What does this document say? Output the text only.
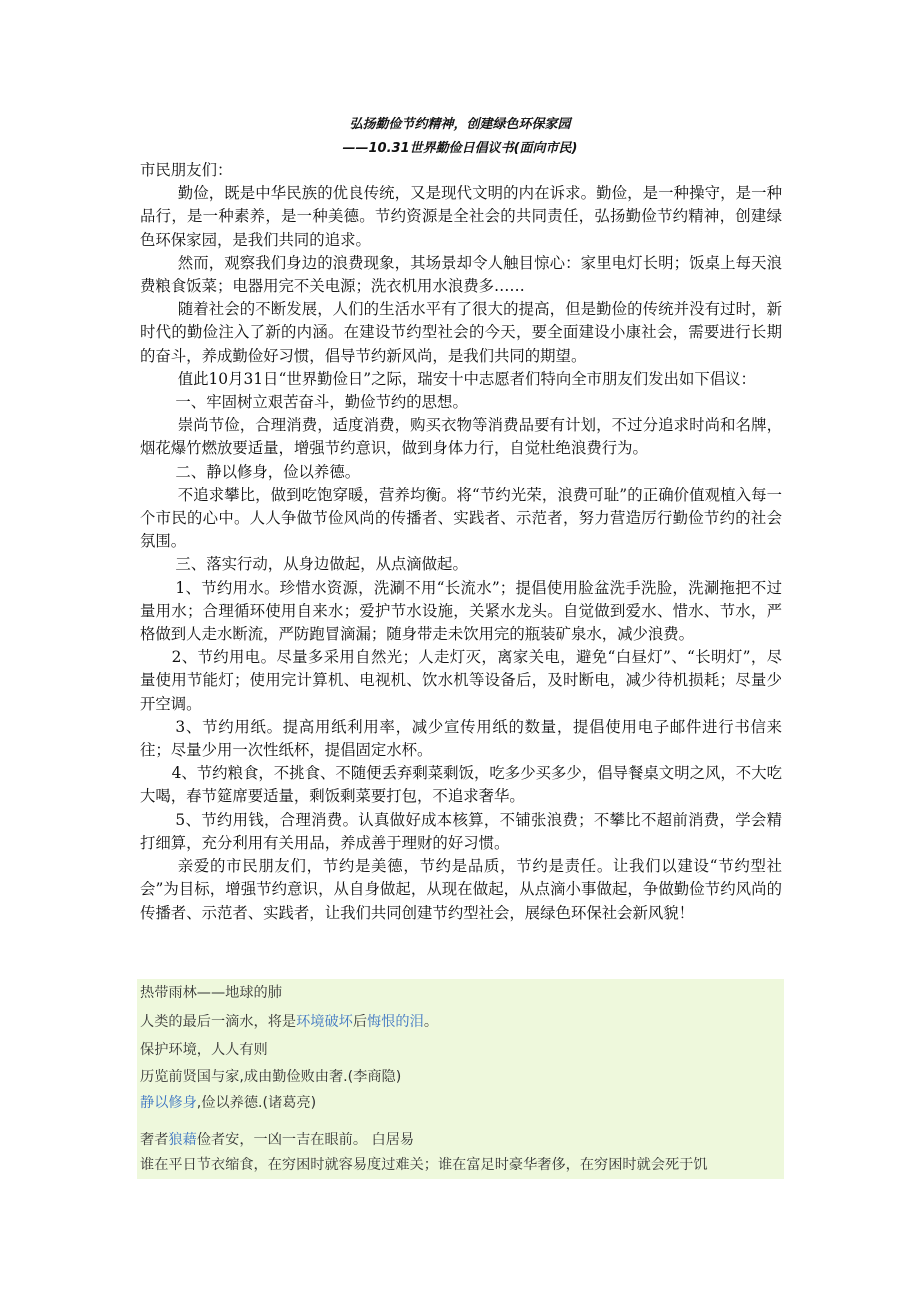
弘扬勤俭节约精神，创建绿色环保家园
——10.31世界勤俭日倡议书(面向市民)

市民朋友们：

勤俭，既是中华民族的优良传统，又是现代文明的内在诉求。勤俭，是一种操守，是一种品行，是一种素养，是一种美德。节约资源是全社会的共同责任，弘扬勤俭节约精神，创建绿色环保家园，是我们共同的追求。

然而，观察我们身边的浪费现象，其场景却令人触目惊心：家里电灯长明；饭桌上每天浪费粮食饭菜；电器用完不关电源；洗衣机用水浪费多……

随着社会的不断发展，人们的生活水平有了很大的提高，但是勤俭的传统并没有过时，新时代的勤俭注入了新的内涵。在建设节约型社会的今天，要全面建设小康社会，需要进行长期的奋斗，养成勤俭好习惯，倡导节约新风尚，是我们共同的期望。

值此10月31日“世界勤俭日”之际，瑞安十中志愿者们特向全市朋友们发出如下倡议：

一、牢固树立艰苦奋斗，勤俭节约的思想。

崇尚节俭，合理消费，适度消费，购买衣物等消费品要有计划，不过分追求时尚和名牌，烟花爆竹燃放要适量，增强节约意识，做到身体力行，自觉杜绝浪费行为。

二、静以修身，俭以养德。

不追求攀比，做到吃饱穿暖，营养均衡。将“节约光荣，浪费可耻”的正确价值观植入每一个市民的心中。人人争做节俭风尚的传播者、实践者、示范者，努力营造厉行勤俭节约的社会氛围。

三、落实行动，从身边做起，从点滴做起。

1、节约用水。珍惜水资源，洗涮不用“长流水”；提倡使用脸盆洗手洗脸，洗涮拖把不过量用水；合理循环使用自来水；爱护节水设施，关紧水龙头。自觉做到爱水、惜水、节水，严格做到人走水断流，严防跑冒滴漏；随身带走未饮用完的瓶装矿泉水，减少浪费。

2、节约用电。尽量多采用自然光；人走灯灭，离家关电，避免“白昼灯”、“长明灯”，尽量使用节能灯；使用完计算机、电视机、饮水机等设备后，及时断电，减少待机损耗；尽量少开空调。

3、节约用纸。提高用纸利用率，减少宣传用纸的数量，提倡使用电子邮件进行书信来往；尽量少用一次性纸杯，提倡固定水杯。

4、节约粮食，不挑食、不随便丢弃剩菜剩饭，吃多少买多少，倡导餐桌文明之风，不大吃大喝，春节筵席要适量，剩饭剩菜要打包，不追求奢华。

5、节约用钱，合理消费。认真做好成本核算，不铺张浪费；不攀比不超前消费，学会精打细算，充分利用有关用品，养成善于理财的好习惯。

亲爱的市民朋友们，节约是美德，节约是品质，节约是责任。让我们以建设“节约型社会”为目标，增强节约意识，从自身做起，从现在做起，从点滴小事做起，争做勤俭节约风尚的传播者、示范者、实践者，让我们共同创建节约型社会，展绿色环保社会新风貌！

热带雨林——地球的肺
人类的最后一滴水，将是环境破坏后悔恨的泪。
保护环境，人人有则
历览前贤国与家,成由勤俭败由奢.(李商隐)
静以修身,俭以养德.(诸葛亮)
奢者狼藉俭者安，一凶一吉在眼前。 白居易
谁在平日节衣缩食，在穷困时就容易度过难关；谁在富足时豪华奢侈，在穷困时就会死于饥
